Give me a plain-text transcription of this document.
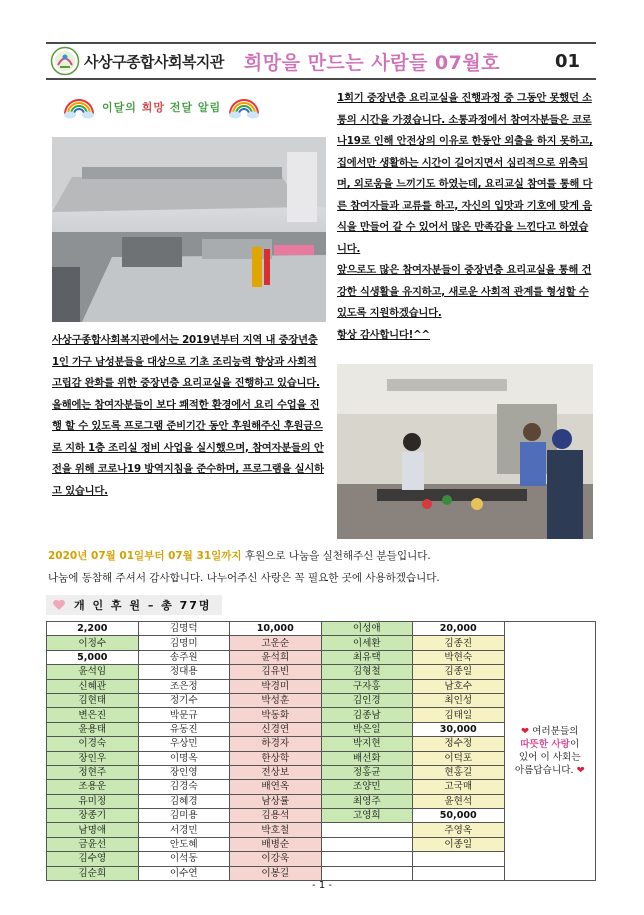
사상구종합사회복지관 희망을 만드는 사람들 07월호	01
이달의 희망 전달 알림
사상구종합사회복지관에서는 2019년부터 지역 내 중장년층 1인 가구 남성분들을 대상으로 기초 조리능력 향상과 사회적 고립감 완화를 위한 중장년층 요리교실을 진행하고 있습니다. 올해에는 참여자분들이 보다 쾌적한 환경에서 요리 수업을 진행 할 수 있도록 프로그램 준비기간 동안 후원해주신 후원금으로 지하 1층 조리실 정비 사업을 실시했으며, 참여자분들의 안전을 위해 코로나19 방역지침을 준수하며, 프로그램을 실시하고 있습니다.
1회기 중장년층 요리교실을 진행과정 중 그동안 못했던 소통의 시간을 가졌습니다. 소통과정에서 참여자분들은 코로나19로 인해 안전상의 이유로 한동안 외출을 하지 못하고, 집에서만 생활하는 시간이 길어지면서 심리적으로 위축되며, 외로움을 느끼기도 하였는데, 요리교실 참여를 통해 다른 참여자들과 교류를 하고, 자신의 입맛과 기호에 맞게 음식을 만들어 갈 수 있어서 많은 만족감을 느낀다고 하였습니다.
앞으로도 많은 참여자분들이 중장년층 요리교실을 통해 건강한 식생활을 유지하고, 새로운 사회적 관계를 형성할 수 있도록 지원하겠습니다.
항상 감사합니다!^^
2020년 07월 01일부터 07월 31일까지 후원으로 나눔을 실천해주신 분들입니다.
나눔에 동참해 주셔서 감사합니다. 나누어주신 사랑은 꼭 필요한 곳에 사용하겠습니다.
개 인 후 원 – 총 77명
2,200	김명덕	10,000	이성애	20,000	❤ 여러분들의
따뜻한 사랑이
있어 이 사회는
아름답습니다. ❤
이정수	김명미	고운순	이세환	김종진	
5,000	송주원	윤석희	최유택	박현숙	
윤석임	정대용	김유빈	김형철	김종일	
신혜관	조은정	박경미	구자홍	남호수	
김현태	정기수	박성훈	김인경	최인성	
변은진	박문규	박동화	김종남	김태일	
윤용태	유동진	신경연	박은일	30,000	
이경숙	우상민	하경자	박지현	정수정	
장인우	이명옥	한상학	배선화	이덕포	
정현주	장인영	전상보	정홍균	현홍길	
조용운	김경숙	배연옥	조양민	고국매	
유미정	김혜경	남상률	최영주	윤현석	
장종기	김미용	김용석	고영희	50,000	
남명애	서경민	박호철		주영옥	
금윤선	안도혜	배병순		이종일	
김수영	이석동	이강욱			
김순희	이수연	이봉길			
- 1 -
